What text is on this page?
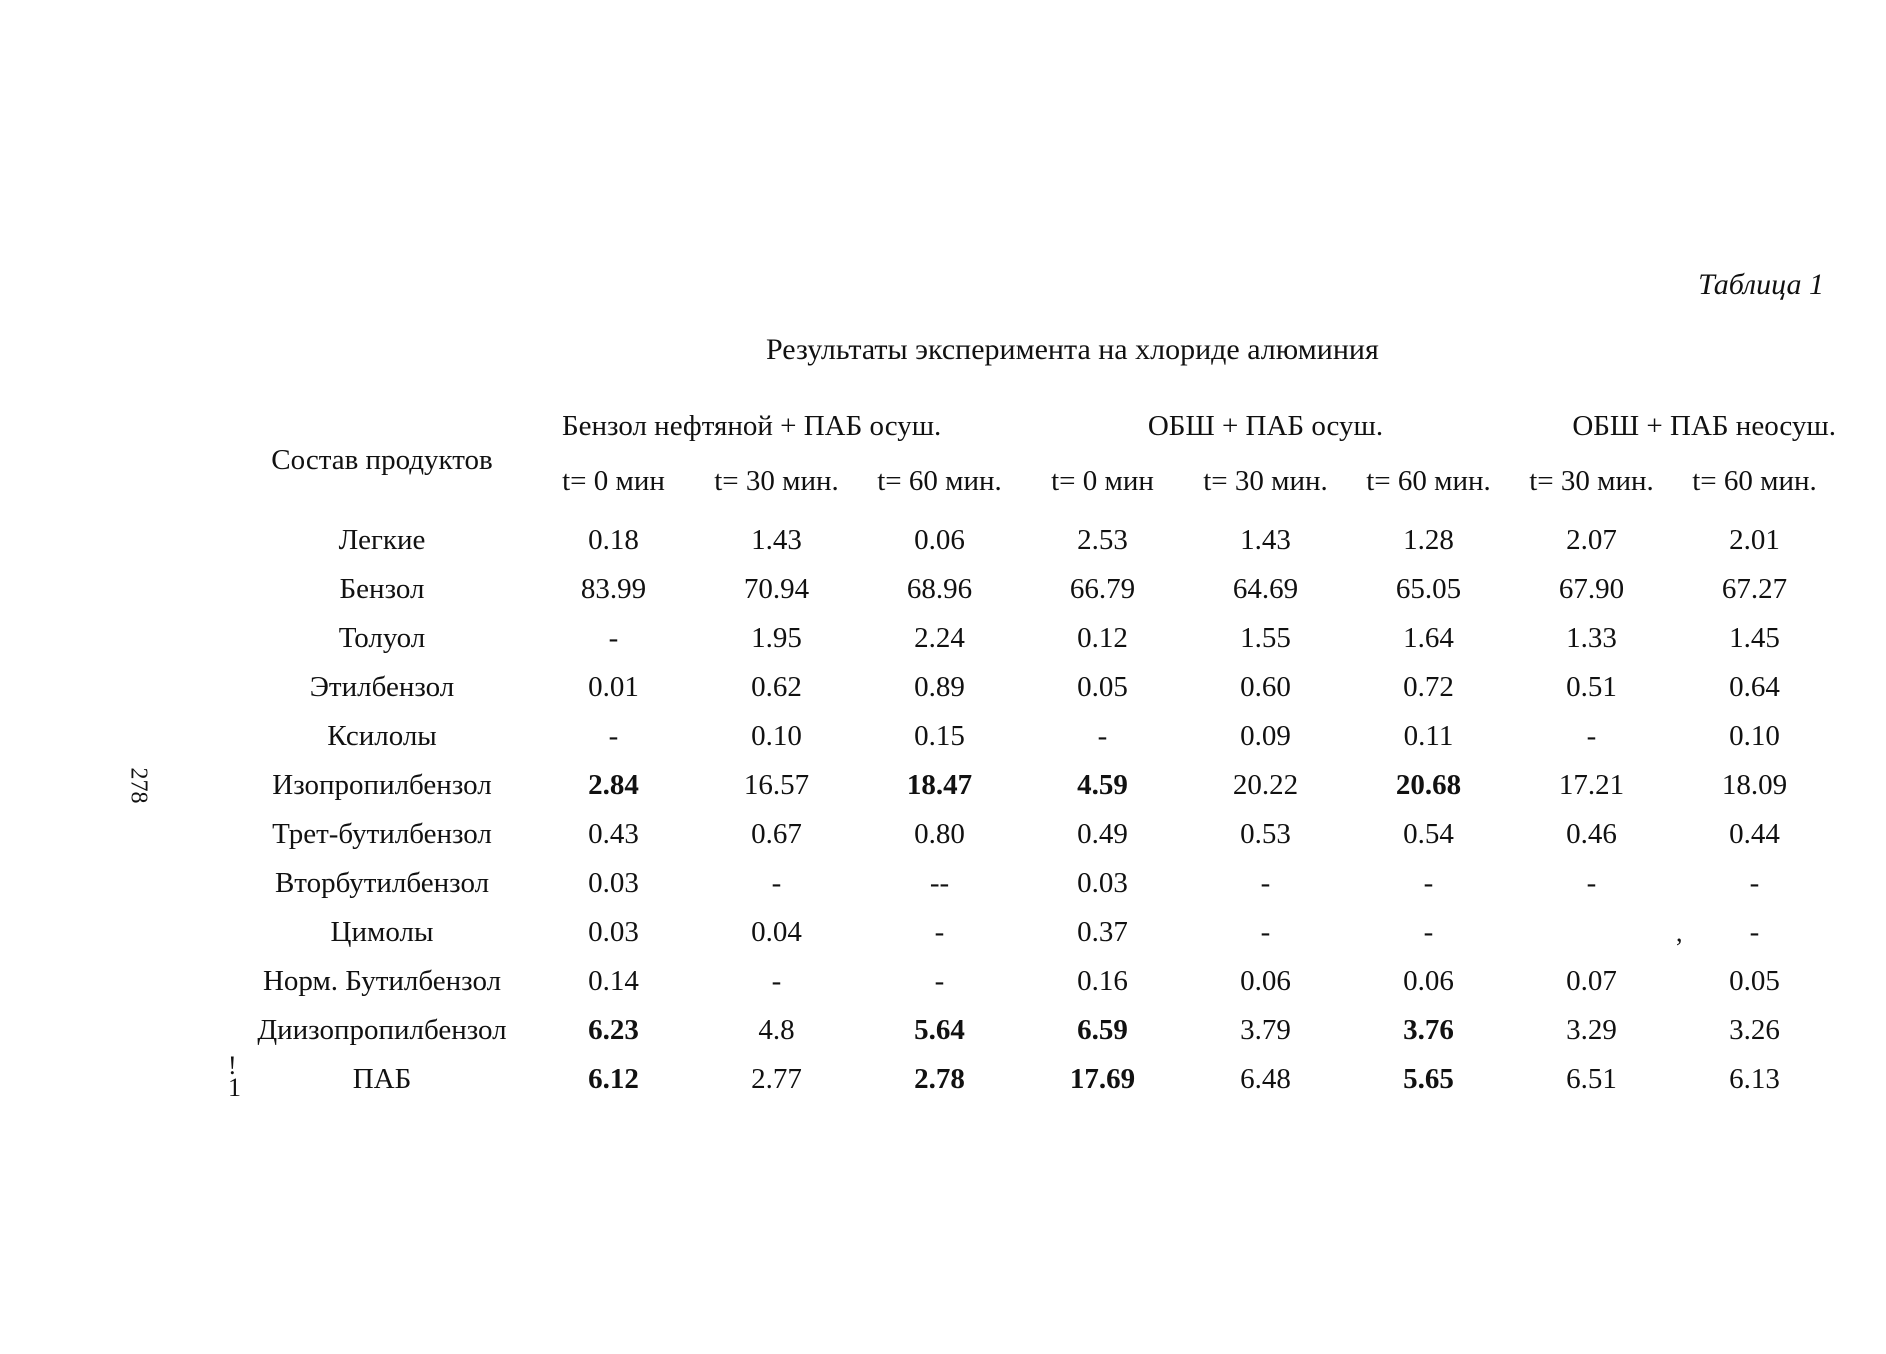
Таблица 1
Результаты эксперимента на хлориде алюминия
278
!
1
,
Состав продуктов	Бензол нефтяной + ПАБ осуш.			ОБШ + ПАБ осуш.			ОБШ + ПАБ неосуш.	
	t= 0 мин	t= 30 мин.	t= 60 мин.	t= 0 мин	t= 30 мин.	t= 60 мин.	t= 30 мин.	t= 60 мин.
Легкие	0.18	1.43	0.06	2.53	1.43	1.28	2.07	2.01
Бензол	83.99	70.94	68.96	66.79	64.69	65.05	67.90	67.27
Толуол	-	1.95	2.24	0.12	1.55	1.64	1.33	1.45
Этилбензол	0.01	0.62	0.89	0.05	0.60	0.72	0.51	0.64
Ксилолы	-	0.10	0.15	-	0.09	0.11	-	0.10
Изопропилбензол	2.84	16.57	18.47	4.59	20.22	20.68	17.21	18.09
Трет-бутилбензол	0.43	0.67	0.80	0.49	0.53	0.54	0.46	0.44
Вторбутилбензол	0.03	-	--	0.03	-	-	-	-
Цимолы	0.03	0.04	-	0.37	-	-		-
Норм. Бутилбензол	0.14	-	-	0.16	0.06	0.06	0.07	0.05
Диизопропилбензол	6.23	4.8	5.64	6.59	3.79	3.76	3.29	3.26
ПАБ	6.12	2.77	2.78	17.69	6.48	5.65	6.51	6.13
